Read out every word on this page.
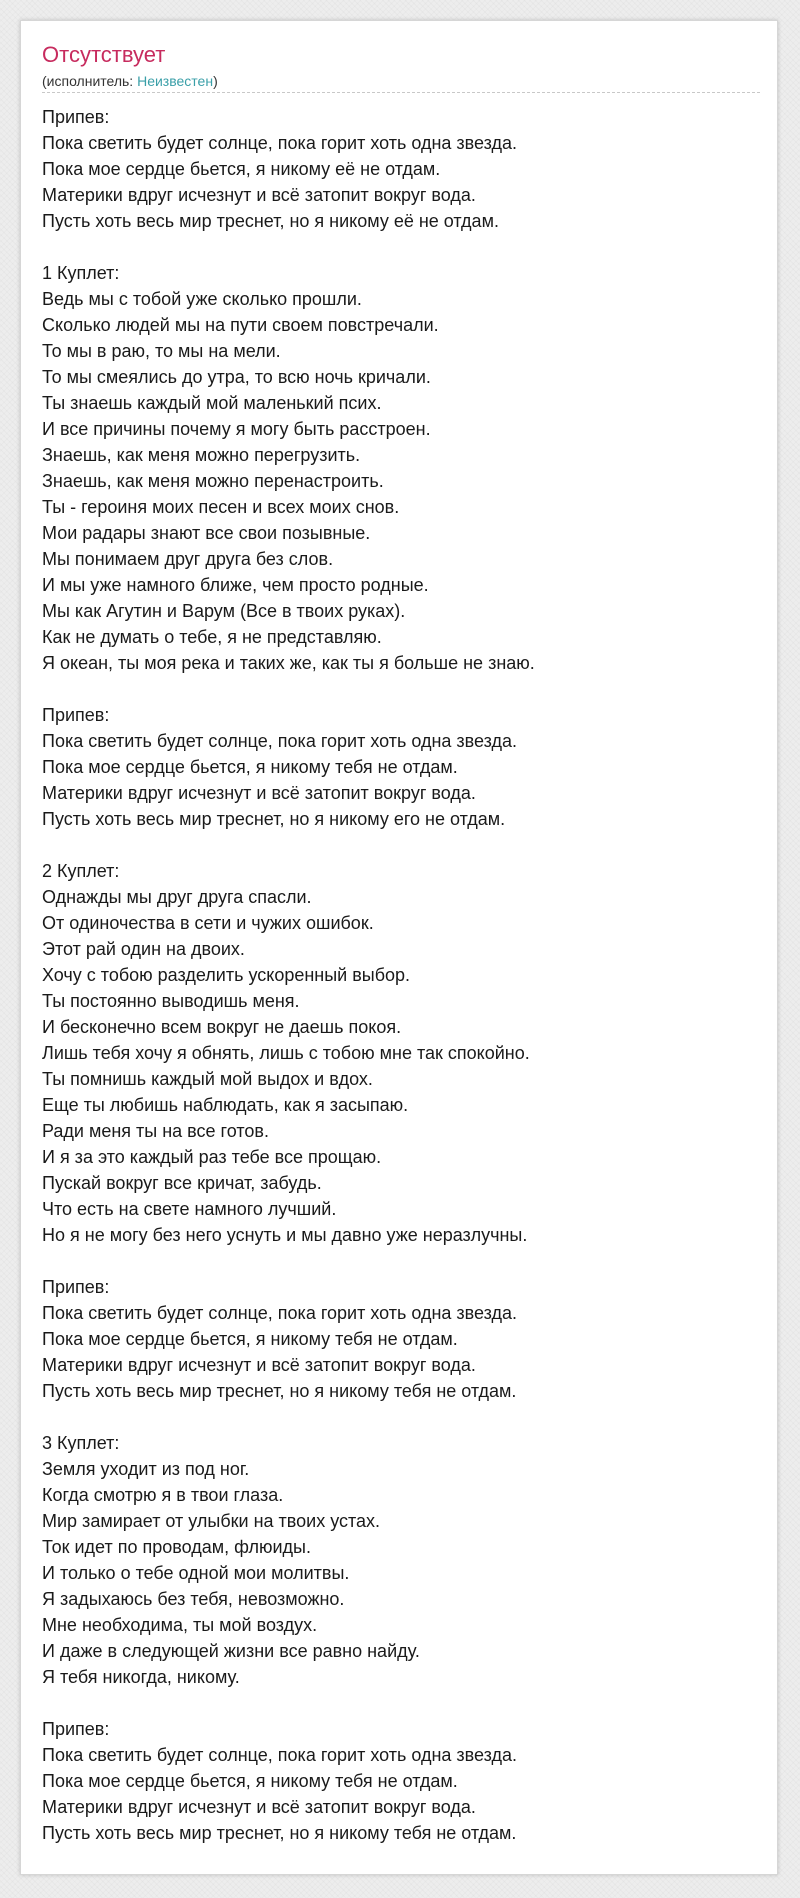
Отсутствует
(исполнитель: Неизвестен)
Припев:
Пока светить будет солнце, пока горит хоть одна звезда.
Пока мое сердце бьется, я никому её не отдам.
Материки вдруг исчезнут и всё затопит вокруг вода.
Пусть хоть весь мир треснет, но я никому её не отдам.
1 Куплет:
Ведь мы с тобой уже сколько прошли.
Сколько людей мы на пути своем повстречали.
То мы в раю, то мы на мели.
То мы смеялись до утра, то всю ночь кричали.
Ты знаешь каждый мой маленький псих.
И все причины почему я могу быть расстроен.
Знаешь, как меня можно перегрузить.
Знаешь, как меня можно перенастроить.
Ты - героиня моих песен и всех моих снов.
Мои радары знают все свои позывные.
Мы понимаем друг друга без слов.
И мы уже намного ближе, чем просто родные.
Мы как Агутин и Варум (Все в твоих руках).
Как не думать о тебе, я не представляю.
Я океан, ты моя река и таких же, как ты я больше не знаю.
Припев:
Пока светить будет солнце, пока горит хоть одна звезда.
Пока мое сердце бьется, я никому тебя не отдам.
Материки вдруг исчезнут и всё затопит вокруг вода.
Пусть хоть весь мир треснет, но я никому его не отдам.
2 Куплет:
Однажды мы друг друга спасли.
От одиночества в сети и чужих ошибок.
Этот рай один на двоих.
Хочу с тобою разделить ускоренный выбор.
Ты постоянно выводишь меня.
И бесконечно всем вокруг не даешь покоя.
Лишь тебя хочу я обнять, лишь с тобою мне так спокойно.
Ты помнишь каждый мой выдох и вдох.
Еще ты любишь наблюдать, как я засыпаю.
Ради меня ты на все готов.
И я за это каждый раз тебе все прощаю.
Пускай вокруг все кричат, забудь.
Что есть на свете намного лучший.
Но я не могу без него уснуть и мы давно уже неразлучны.
Припев:
Пока светить будет солнце, пока горит хоть одна звезда.
Пока мое сердце бьется, я никому тебя не отдам.
Материки вдруг исчезнут и всё затопит вокруг вода.
Пусть хоть весь мир треснет, но я никому тебя не отдам.
3 Куплет:
Земля уходит из под ног.
Когда смотрю я в твои глаза.
Мир замирает от улыбки на твоих устах.
Ток идет по проводам, флюиды.
И только о тебе одной мои молитвы.
Я задыхаюсь без тебя, невозможно.
Мне необходима, ты мой воздух.
И даже в следующей жизни все равно найду.
Я тебя никогда, никому.
Припев:
Пока светить будет солнце, пока горит хоть одна звезда.
Пока мое сердце бьется, я никому тебя не отдам.
Материки вдруг исчезнут и всё затопит вокруг вода.
Пусть хоть весь мир треснет, но я никому тебя не отдам.
